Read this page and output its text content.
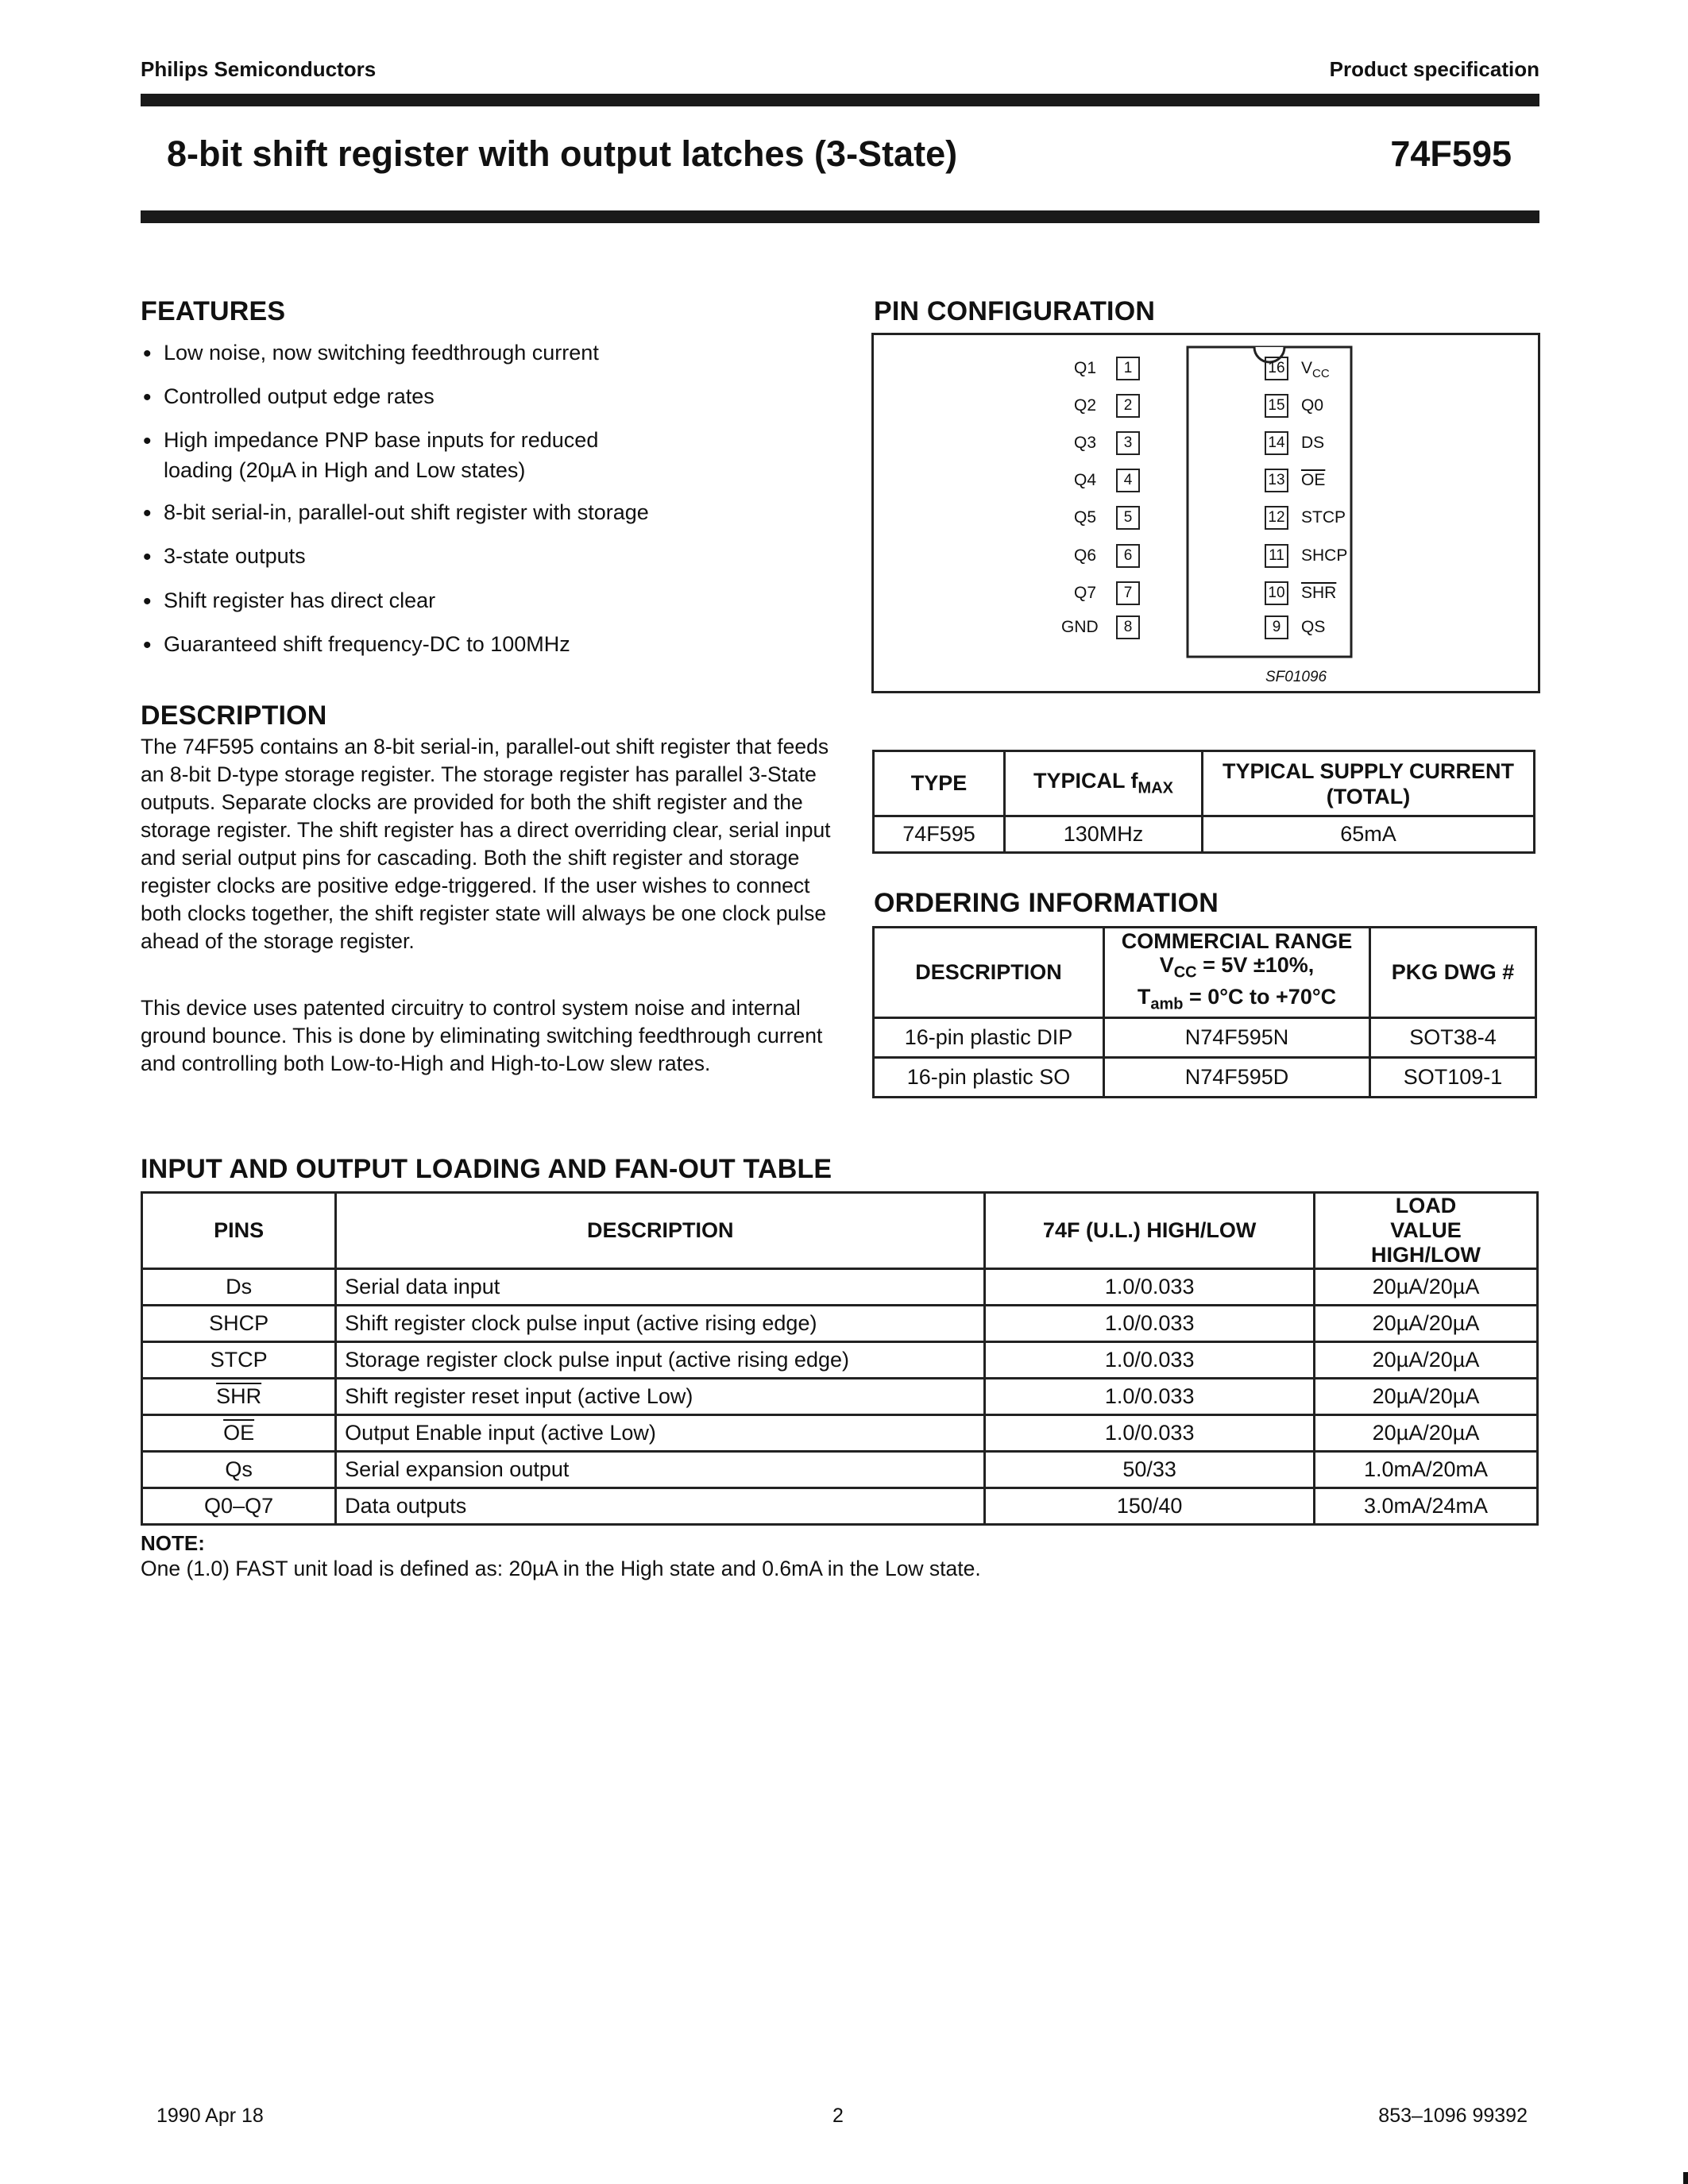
Philips Semiconductors	Product specification
8-bit shift register with output latches (3-State)	74F595
FEATURES
• Low noise, now switching feedthrough current
• Controlled output edge rates
• High impedance PNP base inputs for reduced loading (20µA in High and Low states)
• 8-bit serial-in, parallel-out shift register with storage
• 3-state outputs
• Shift register has direct clear
• Guaranteed shift frequency-DC to 100MHz
DESCRIPTION
The 74F595 contains an 8-bit serial-in, parallel-out shift register that feeds an 8-bit D-type storage register. The storage register has parallel 3-State outputs. Separate clocks are provided for both the shift register and the storage register. The shift register has a direct overriding clear, serial input and serial output pins for cascading. Both the shift register and storage register clocks are positive edge-triggered. If the user wishes to connect both clocks together, the shift register state will always be one clock pulse ahead of the storage register.
This device uses patented circuitry to control system noise and internal ground bounce. This is done by eliminating switching feedthrough current and controlling both Low-to-High and High-to-Low slew rates.
PIN CONFIGURATION
Q1	1
Q2	2
Q3	3
Q4	4
Q5	5
Q6	6
Q7	7
GND	8
16 $V_{CC}$
15 Q0
14 DS
13 $\overline{OE}$
12 STCP
11 SHCP
10 $\overline{SHR}$
9	QS
SF01096
TYPE	TYPICAL $f_{MAX}$	TYPICAL SUPPLY CURRENT (TOTAL)
74F595	130MHz	65mA
ORDERING INFORMATION
DESCRIPTION	COMMERCIAL RANGE
$V_{CC} = 5V \pm 10\%$,
$T_{amb} = 0^\circ C$ to +70°C	PKG DWG #
16-pin plastic DIP	N74F595N	SOT38-4
16-pin plastic SO	N74F595D	SOT109-1
INPUT AND OUTPUT LOADING AND FAN-OUT TABLE
PINS	DESCRIPTION	74F (U.L.) HIGH/LOW	LOAD VALUE HIGH/LOW
Ds	Serial data input	1.0/0.033	20µA/20µA
SHCP	Shift register clock pulse input (active rising edge)	1.0/0.033	20µA/20µA
STCP	Storage register clock pulse input (active rising edge)	1.0/0.033	20µA/20µA
$\overline{SHR}$	Shift register reset input (active Low)	1.0/0.033	20µA/20µA
$\overline{OE}$	Output Enable input (active Low)	1.0/0.033	20µA/20µA
Qs	Serial expansion output	50/33	1.0mA/20mA
Q0–Q7	Data outputs	150/40	3.0mA/24mA
NOTE:
One (1.0) FAST unit load is defined as: 20µA in the High state and 0.6mA in the Low state.
1990 Apr 18	2	853–1096 99392
